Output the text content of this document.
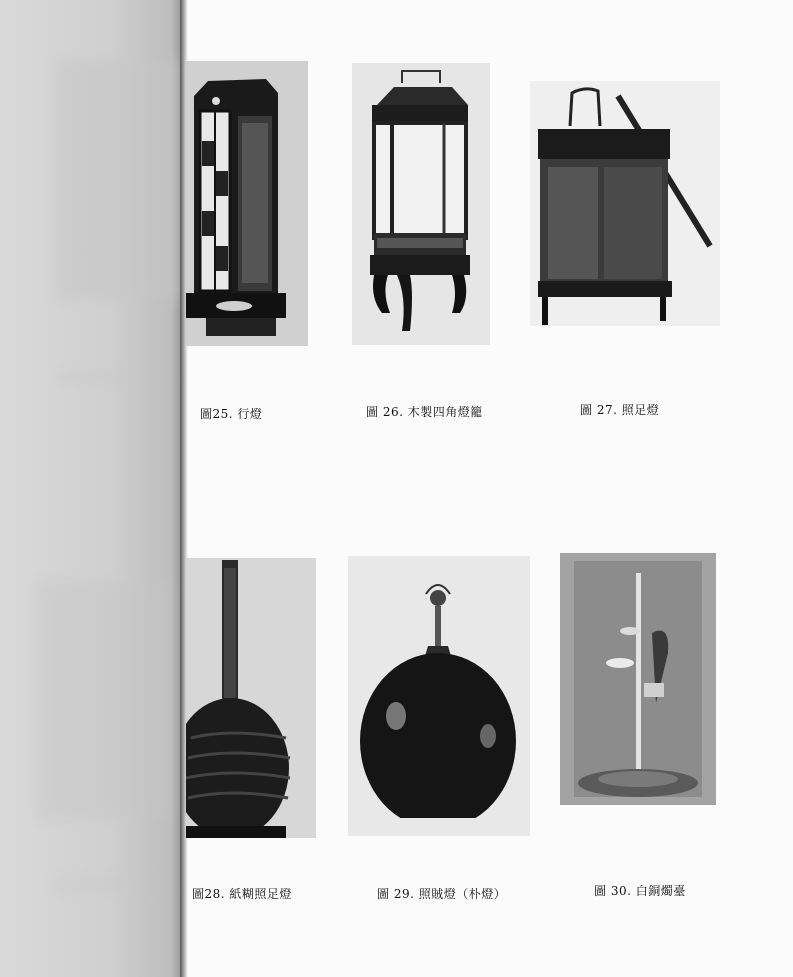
圖25. 行燈	圖 26. 木製四角燈籠	圖 27. 照足燈
圖28. 紙糊照足燈	圖 29. 照賊燈（朴燈）	圖 30. 白銅燭臺
